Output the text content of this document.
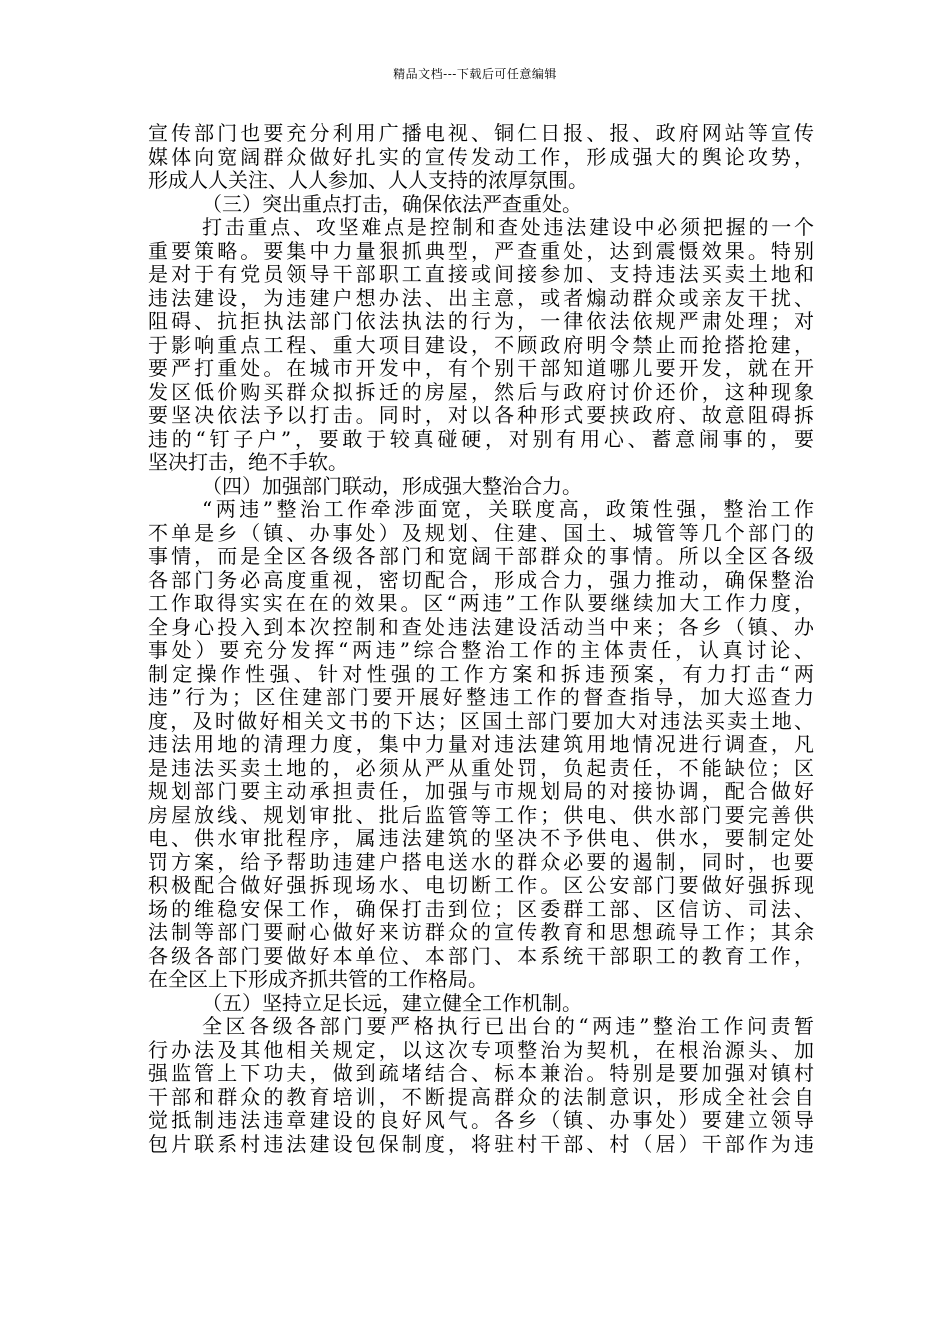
精品文档---下载后可任意编辑
宣传部门也要充分利用广播电视、铜仁日报、报、政府网站等宣传
媒体向宽阔群众做好扎实的宣传发动工作，形成强大的舆论攻势，
形成人人关注、人人参加、人人支持的浓厚氛围。
（三）突出重点打击，确保依法严查重处。
打击重点、攻坚难点是控制和查处违法建设中必须把握的一个
重要策略。要集中力量狠抓典型，严查重处，达到震慑效果。特别
是对于有党员领导干部职工直接或间接参加、支持违法买卖土地和
违法建设，为违建户想办法、出主意，或者煽动群众或亲友干扰、
阻碍、抗拒执法部门依法执法的行为，一律依法依规严肃处理；对
于影响重点工程、重大项目建设，不顾政府明令禁止而抢搭抢建，
要严打重处。在城市开发中，有个别干部知道哪儿要开发，就在开
发区低价购买群众拟拆迁的房屋，然后与政府讨价还价，这种现象
要坚决依法予以打击。同时，对以各种形式要挟政府、故意阻碍拆
违的“钉子户”，要敢于较真碰硬，对别有用心、蓄意闹事的，要
坚决打击，绝不手软。
（四）加强部门联动，形成强大整治合力。
“两违”整治工作牵涉面宽，关联度高，政策性强，整治工作
不单是乡（镇、办事处）及规划、住建、国土、城管等几个部门的
事情，而是全区各级各部门和宽阔干部群众的事情。所以全区各级
各部门务必高度重视，密切配合，形成合力，强力推动，确保整治
工作取得实实在在的效果。区“两违”工作队要继续加大工作力度，
全身心投入到本次控制和查处违法建设活动当中来；各乡（镇、办
事处）要充分发挥“两违”综合整治工作的主体责任，认真讨论、
制定操作性强、针对性强的工作方案和拆违预案，有力打击“两
违”行为；区住建部门要开展好整违工作的督查指导，加大巡查力
度，及时做好相关文书的下达；区国土部门要加大对违法买卖土地、
违法用地的清理力度，集中力量对违法建筑用地情况进行调查，凡
是违法买卖土地的，必须从严从重处罚，负起责任，不能缺位；区
规划部门要主动承担责任，加强与市规划局的对接协调，配合做好
房屋放线、规划审批、批后监管等工作；供电、供水部门要完善供
电、供水审批程序，属违法建筑的坚决不予供电、供水，要制定处
罚方案，给予帮助违建户搭电送水的群众必要的遏制，同时，也要
积极配合做好强拆现场水、电切断工作。区公安部门要做好强拆现
场的维稳安保工作，确保打击到位；区委群工部、区信访、司法、
法制等部门要耐心做好来访群众的宣传教育和思想疏导工作；其余
各级各部门要做好本单位、本部门、本系统干部职工的教育工作，
在全区上下形成齐抓共管的工作格局。
（五）坚持立足长远，建立健全工作机制。
全区各级各部门要严格执行已出台的“两违”整治工作问责暂
行办法及其他相关规定，以这次专项整治为契机，在根治源头、加
强监管上下功夫，做到疏堵结合、标本兼治。特别是要加强对镇村
干部和群众的教育培训，不断提高群众的法制意识，形成全社会自
觉抵制违法违章建设的良好风气。各乡（镇、办事处）要建立领导
包片联系村违法建设包保制度，将驻村干部、村（居）干部作为违
